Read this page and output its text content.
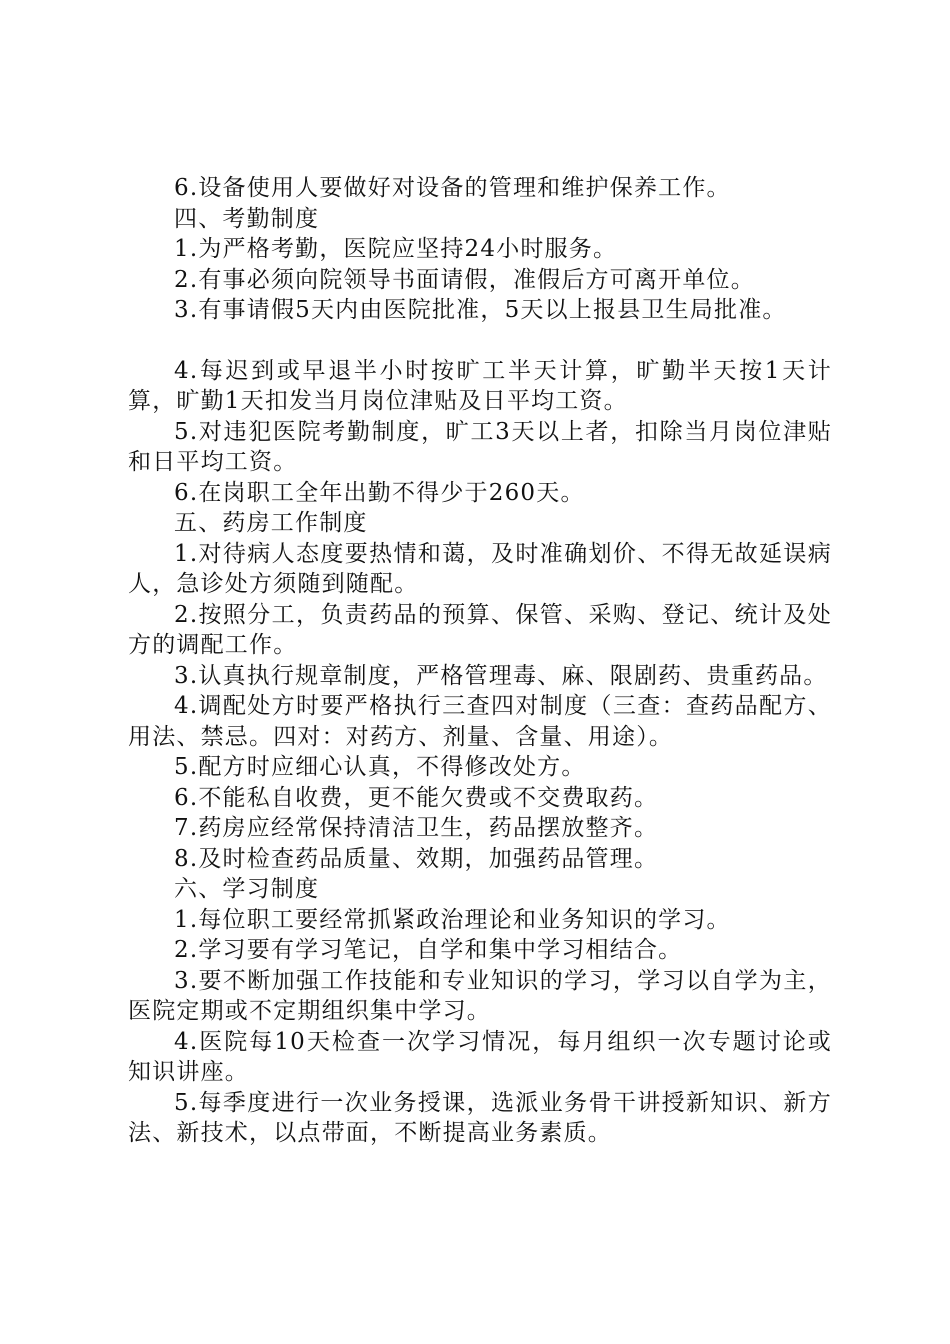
6.设备使用人要做好对设备的管理和维护保养工作。

四、考勤制度

1.为严格考勤，医院应坚持24小时服务。

2.有事必须向院领导书面请假，准假后方可离开单位。

3.有事请假5天内由医院批准，5天以上报县卫生局批准。

4.每迟到或早退半小时按旷工半天计算，旷勤半天按1天计算，旷勤1天扣发当月岗位津贴及日平均工资。

5.对违犯医院考勤制度，旷工3天以上者，扣除当月岗位津贴和日平均工资。

6.在岗职工全年出勤不得少于260天。

五、药房工作制度

1.对待病人态度要热情和蔼，及时准确划价、不得无故延误病人，急诊处方须随到随配。

2.按照分工，负责药品的预算、保管、采购、登记、统计及处方的调配工作。

3.认真执行规章制度，严格管理毒、麻、限剧药、贵重药品。

4.调配处方时要严格执行三查四对制度（三查：查药品配方、用法、禁忌。四对：对药方、剂量、含量、用途）。

5.配方时应细心认真，不得修改处方。

6.不能私自收费，更不能欠费或不交费取药。

7.药房应经常保持清洁卫生，药品摆放整齐。

8.及时检查药品质量、效期，加强药品管理。

六、学习制度

1.每位职工要经常抓紧政治理论和业务知识的学习。

2.学习要有学习笔记，自学和集中学习相结合。

3.要不断加强工作技能和专业知识的学习，学习以自学为主，医院定期或不定期组织集中学习。

4.医院每10天检查一次学习情况，每月组织一次专题讨论或知识讲座。

5.每季度进行一次业务授课，选派业务骨干讲授新知识、新方法、新技术，以点带面，不断提高业务素质。
